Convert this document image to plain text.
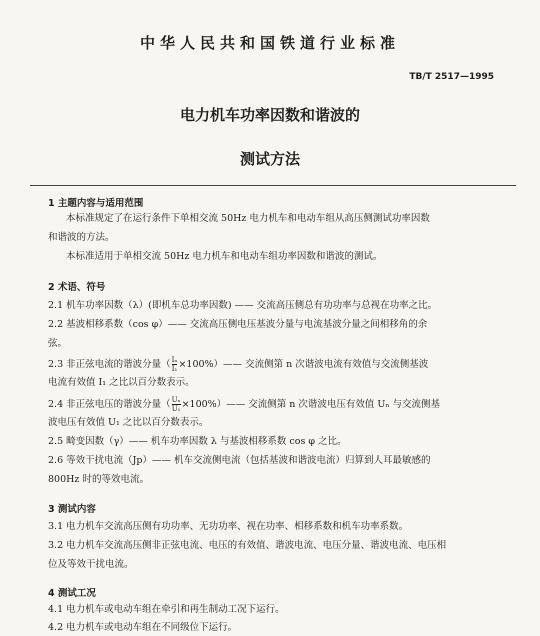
中华人民共和国铁道行业标准
TB/T 2517—1995
电力机车功率因数和谐波的
测试方法
1 主题内容与适用范围
本标准规定了在运行条件下单相交流 50Hz 电力机车和电动车组从高压侧测试功率因数
和谐波的方法。
本标准适用于单相交流 50Hz 电力机车和电动车组功率因数和谐波的测试。
2 术语、符号
2.1 机车功率因数（λ）(即机车总功率因数) —— 交流高压侧总有功功率与总视在功率之比。
2.2 基波相移系数（cos φ）—— 交流高压侧电压基波分量与电流基波分量之间相移角的余
弦。
2.3 非正弦电流的谐波分量（ $\frac{\text{Iₙ}}{\text{I₁}}$ ×100%）—— 交流侧第 n 次谐波电流有效值与交流侧基波
电流有效值 I₁ 之比以百分数表示。
2.4 非正弦电压的谐波分量（ $\frac{\text{Uₙ}}{\text{U₁}}$ ×100%）—— 交流侧第 n 次谐波电压有效值 Uₙ 与交流侧基
波电压有效值 U₁ 之比以百分数表示。
2.5 畸变因数（γ）—— 机车功率因数 λ 与基波相移系数 cos φ 之比。
2.6 等效干扰电流（Jp）—— 机车交流侧电流（包括基波和谐波电流）归算到人耳最敏感的
800Hz 时的等效电流。
3 测试内容
3.1 电力机车交流高压侧有功功率、无功功率、视在功率、相移系数和机车功率系数。
3.2 电力机车交流高压侧非正弦电流、电压的有效值、谐波电流、电压分量、谐波电流、电压相
位及等效干扰电流。
4 测试工况
4.1 电力机车或电动车组在牵引和再生制动工况下运行。
4.2 电力机车或电动车组在不同级位下运行。
